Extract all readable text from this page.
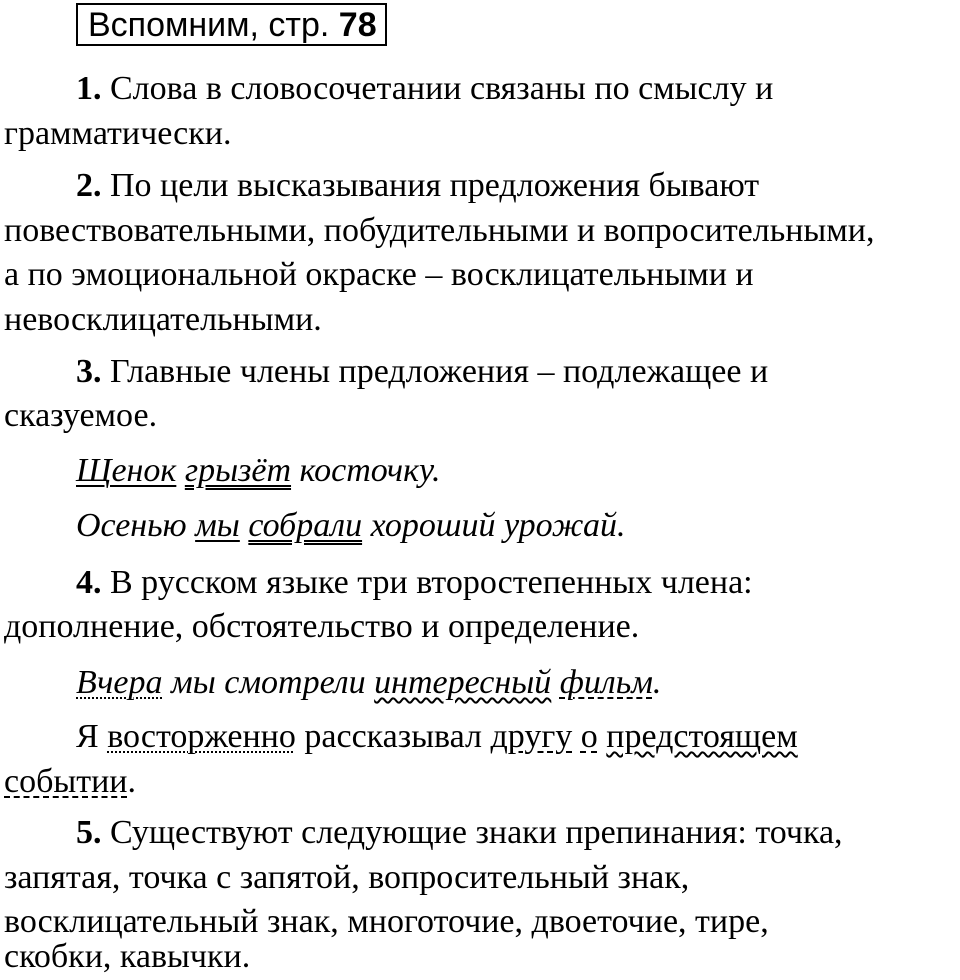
Вспомним, стр. 78
1. Слова в словосочетании связаны по смыслу и
грамматически.
2. По цели высказывания предложения бывают
повествовательными, побудительными и вопросительными,
а по эмоциональной окраске – восклицательными и
невосклицательными.
3. Главные члены предложения – подлежащее и
сказуемое.
Щенок грызёт косточку.
Осенью мы собрали хороший урожай.
4. В русском языке три второстепенных члена:
дополнение, обстоятельство и определение.
Вчера мы смотрели интересный фильм.
Я восторженно рассказывал другу о предстоящем
событии.
5. Существуют следующие знаки препинания: точка,
запятая, точка с запятой, вопросительный знак,
восклицательный знак, многоточие, двоеточие, тире,
скобки, кавычки.
